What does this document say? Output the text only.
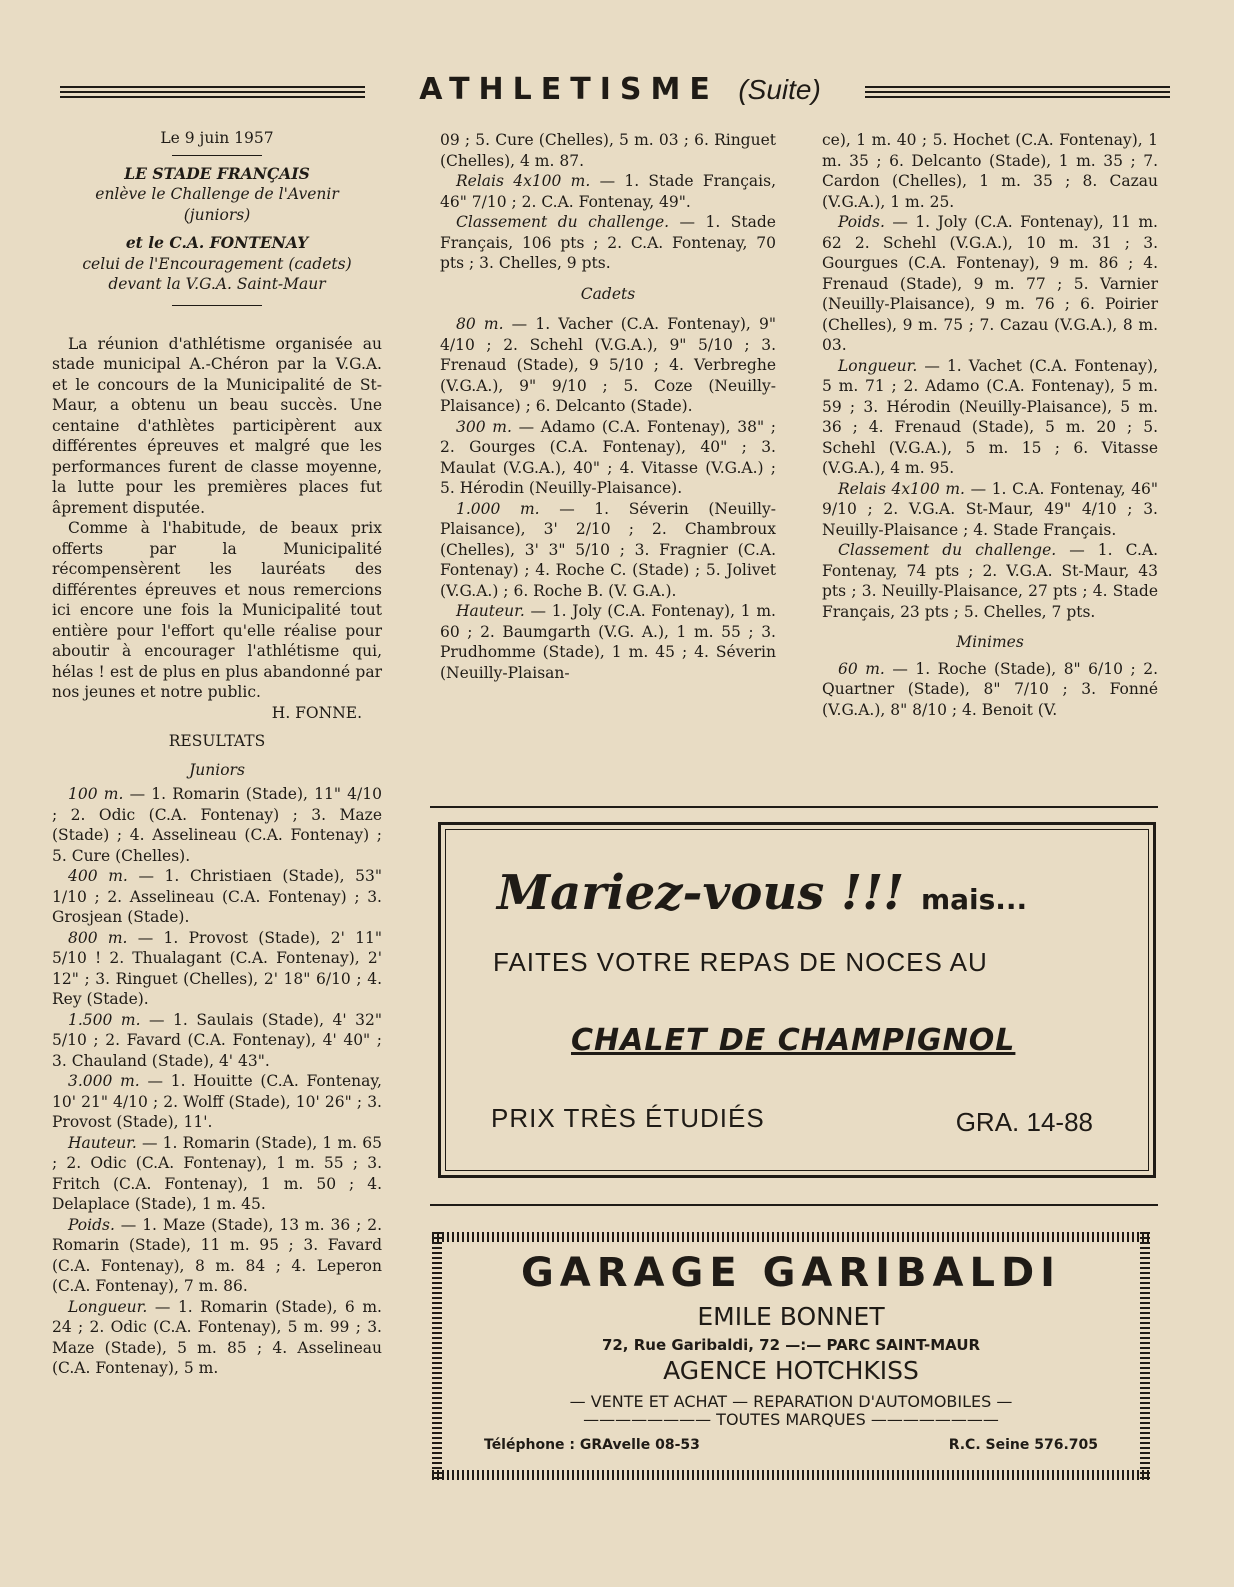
ATHLETISME (Suite)

Le 9 juin 1957

LE STADE FRANÇAIS

enlève le Challenge de l'Avenir

(juniors)

et le C.A. FONTENAY

celui de l'Encouragement (cadets)

devant la V.G.A. Saint-Maur

La réunion d'athlétisme organisée au stade municipal A.-Chéron par la V.G.A. et le concours de la Municipalité de St-Maur, a obtenu un beau succès. Une centaine d'athlètes participèrent aux différentes épreuves et malgré que les performances furent de classe moyenne, la lutte pour les premières places fut âprement disputée.

Comme à l'habitude, de beaux prix offerts par la Municipalité récompensèrent les lauréats des différentes épreuves et nous remercions ici encore une fois la Municipalité tout entière pour l'effort qu'elle réalise pour aboutir à encourager l'athlétisme qui, hélas ! est de plus en plus abandonné par nos jeunes et notre public.

H. FONNE.

RESULTATS

Juniors

100 m. — 1. Romarin (Stade), 11" 4/10 ; 2. Odic (C.A. Fontenay) ; 3. Maze (Stade) ; 4. Asselineau (C.A. Fontenay) ; 5. Cure (Chelles).

400 m. — 1. Christiaen (Stade), 53" 1/10 ; 2. Asselineau (C.A. Fontenay) ; 3. Grosjean (Stade).

800 m. — 1. Provost (Stade), 2' 11" 5/10 ! 2. Thualagant (C.A. Fontenay), 2' 12" ; 3. Ringuet (Chelles), 2' 18" 6/10 ; 4. Rey (Stade).

1.500 m. — 1. Saulais (Stade), 4' 32" 5/10 ; 2. Favard (C.A. Fontenay), 4' 40" ; 3. Chauland (Stade), 4' 43".

3.000 m. — 1. Houitte (C.A. Fontenay, 10' 21" 4/10 ; 2. Wolff (Stade), 10' 26" ; 3. Provost (Stade), 11'.

Hauteur. — 1. Romarin (Stade), 1 m. 65 ; 2. Odic (C.A. Fontenay), 1 m. 55 ; 3. Fritch (C.A. Fontenay), 1 m. 50 ; 4. Delaplace (Stade), 1 m. 45.

Poids. — 1. Maze (Stade), 13 m. 36 ; 2. Romarin (Stade), 11 m. 95 ; 3. Favard (C.A. Fontenay), 8 m. 84 ; 4. Leperon (C.A. Fontenay), 7 m. 86.

Longueur. — 1. Romarin (Stade), 6 m. 24 ; 2. Odic (C.A. Fontenay), 5 m. 99 ; 3. Maze (Stade), 5 m. 85 ; 4. Asselineau (C.A. Fontenay), 5 m.

09 ; 5. Cure (Chelles), 5 m. 03 ; 6. Ringuet (Chelles), 4 m. 87.

Relais 4x100 m. — 1. Stade Français, 46" 7/10 ; 2. C.A. Fontenay, 49".

Classement du challenge. — 1. Stade Français, 106 pts ; 2. C.A. Fontenay, 70 pts ; 3. Chelles, 9 pts.

Cadets

80 m. — 1. Vacher (C.A. Fontenay), 9" 4/10 ; 2. Schehl (V.G.A.), 9" 5/10 ; 3. Frenaud (Stade), 9 5/10 ; 4. Verbreghe (V.G.A.), 9" 9/10 ; 5. Coze (Neuilly-Plaisance) ; 6. Delcanto (Stade).

300 m. — Adamo (C.A. Fontenay), 38" ; 2. Gourges (C.A. Fontenay), 40" ; 3. Maulat (V.G.A.), 40" ; 4. Vitasse (V.G.A.) ; 5. Hérodin (Neuilly-Plaisance).

1.000 m. — 1. Séverin (Neuilly-Plaisance), 3' 2/10 ; 2. Chambroux (Chelles), 3' 3" 5/10 ; 3. Fragnier (C.A. Fontenay) ; 4. Roche C. (Stade) ; 5. Jolivet (V.G.A.) ; 6. Roche B. (V. G.A.).

Hauteur. — 1. Joly (C.A. Fontenay), 1 m. 60 ; 2. Baumgarth (V.G. A.), 1 m. 55 ; 3. Prudhomme (Stade), 1 m. 45 ; 4. Séverin (Neuilly-Plaisan-

ce), 1 m. 40 ; 5. Hochet (C.A. Fontenay), 1 m. 35 ; 6. Delcanto (Stade), 1 m. 35 ; 7. Cardon (Chelles), 1 m. 35 ; 8. Cazau (V.G.A.), 1 m. 25.

Poids. — 1. Joly (C.A. Fontenay), 11 m. 62 2. Schehl (V.G.A.), 10 m. 31 ; 3. Gourgues (C.A. Fontenay), 9 m. 86 ; 4. Frenaud (Stade), 9 m. 77 ; 5. Varnier (Neuilly-Plaisance), 9 m. 76 ; 6. Poirier (Chelles), 9 m. 75 ; 7. Cazau (V.G.A.), 8 m. 03.

Longueur. — 1. Vachet (C.A. Fontenay), 5 m. 71 ; 2. Adamo (C.A. Fontenay), 5 m. 59 ; 3. Hérodin (Neuilly-Plaisance), 5 m. 36 ; 4. Frenaud (Stade), 5 m. 20 ; 5. Schehl (V.G.A.), 5 m. 15 ; 6. Vitasse (V.G.A.), 4 m. 95.

Relais 4x100 m. — 1. C.A. Fontenay, 46" 9/10 ; 2. V.G.A. St-Maur, 49" 4/10 ; 3. Neuilly-Plaisance ; 4. Stade Français.

Classement du challenge. — 1. C.A. Fontenay, 74 pts ; 2. V.G.A. St-Maur, 43 pts ; 3. Neuilly-Plaisance, 27 pts ; 4. Stade Français, 23 pts ; 5. Chelles, 7 pts.

Minimes

60 m. — 1. Roche (Stade), 8" 6/10 ; 2. Quartner (Stade), 8" 7/10 ; 3. Fonné (V.G.A.), 8" 8/10 ; 4. Benoit (V.

Mariez-vous !!! mais...
FAITES VOTRE REPAS DE NOCES AU
CHALET DE CHAMPIGNOL
PRIX TRÈS ÉTUDIÉS	GRA. 14-88
GARAGE GARIBALDI
EMILE BONNET
72, Rue Garibaldi, 72 —:— PARC SAINT-MAUR
AGENCE HOTCHKISS
— VENTE ET ACHAT — REPARATION D'AUTOMOBILES —
———————— TOUTES MARQUES ————————
Téléphone : GRAvelle 08-53	R.C. Seine 576.705
